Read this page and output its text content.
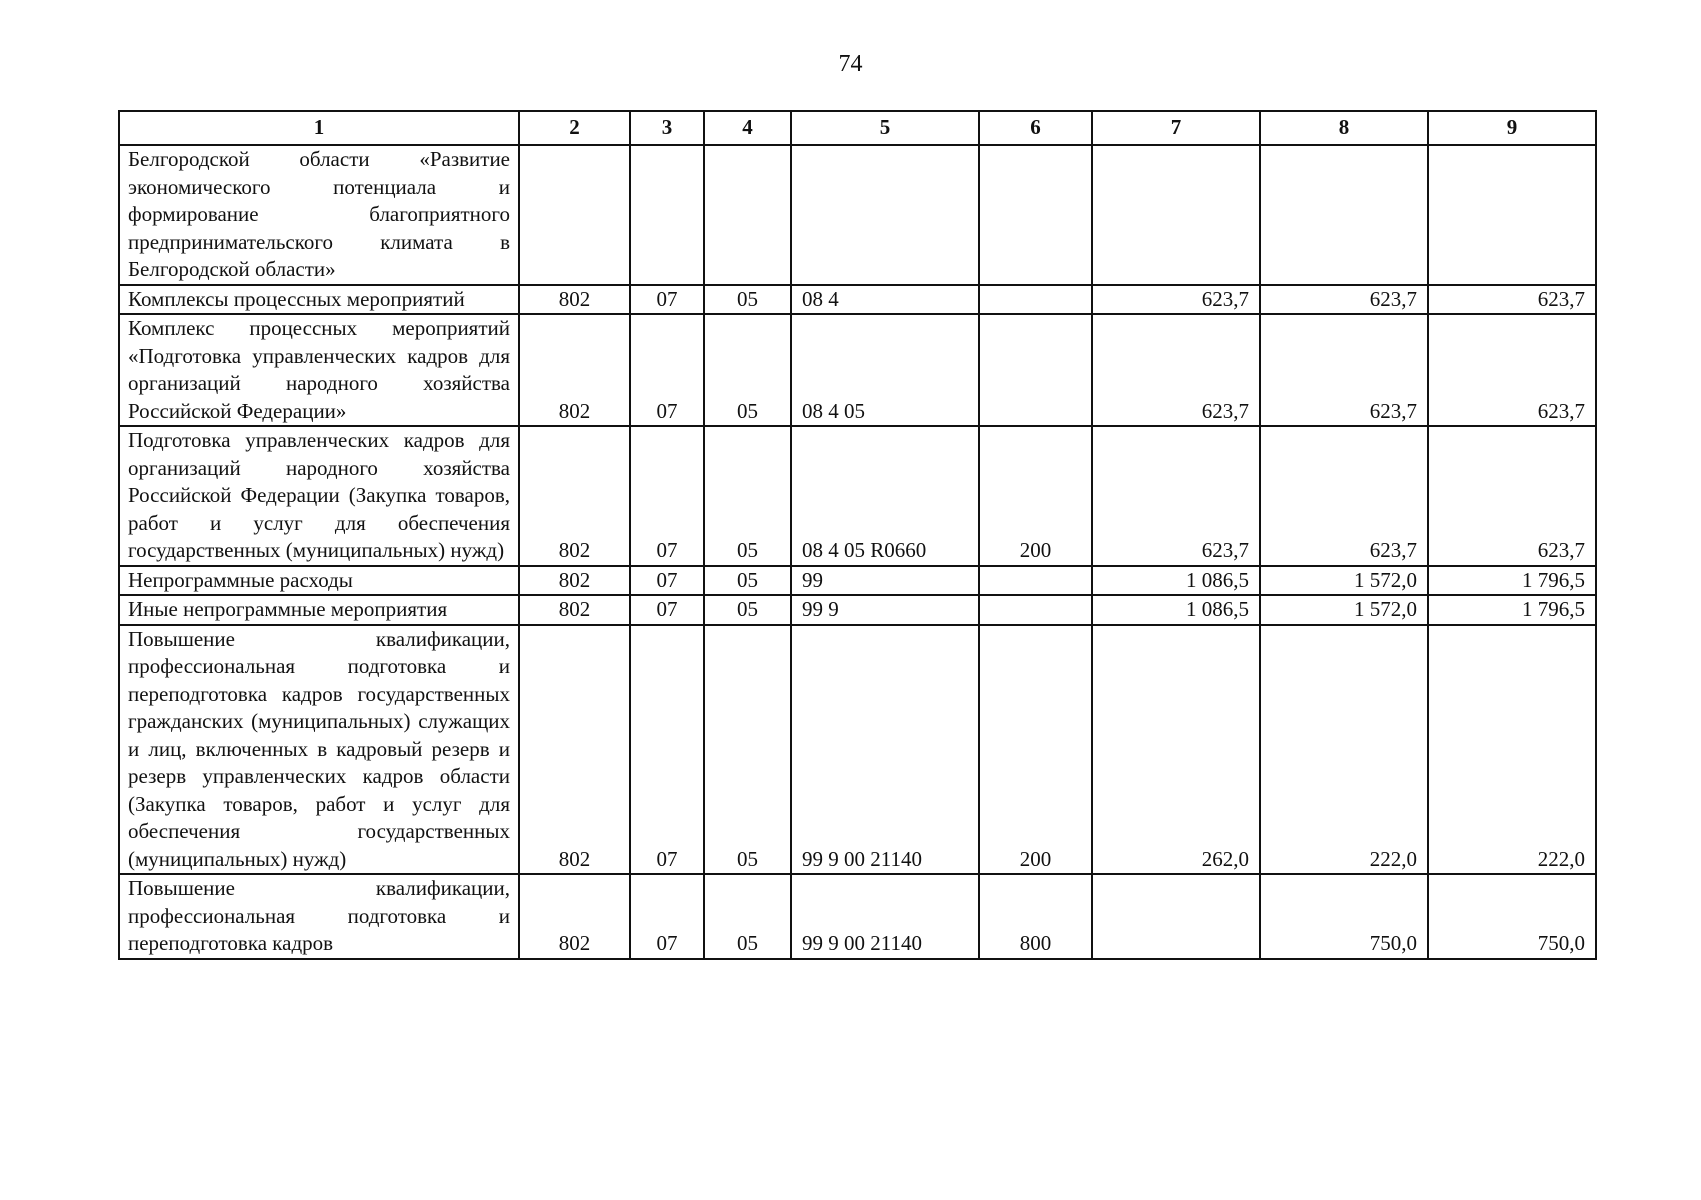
74
1	2	3	4	5	6	7	8	9
Белгородской области «Развитие экономического потенциала и формирование благоприятного предпринимательского климата в Белгородской области»								
Комплексы процессных мероприятий	802	07	05	08 4		623,7	623,7	623,7
Комплекс процессных мероприятий «Подготовка управленческих кадров для организаций народного хозяйства Российской Федерации»	802	07	05	08 4 05		623,7	623,7	623,7
Подготовка управленческих кадров для организаций народного хозяйства Российской Федерации (Закупка товаров, работ и услуг для обеспечения государственных (муниципальных) нужд)	802	07	05	08 4 05 R0660	200	623,7	623,7	623,7
Непрограммные расходы	802	07	05	99		1 086,5	1 572,0	1 796,5
Иные непрограммные мероприятия	802	07	05	99 9		1 086,5	1 572,0	1 796,5
Повышение квалификации, профессиональная подготовка и переподготовка кадров государственных гражданских (муниципальных) служащих и лиц, включенных в кадровый резерв и резерв управленческих кадров области (Закупка товаров, работ и услуг для обеспечения государственных (муниципальных) нужд)	802	07	05	99 9 00 21140	200	262,0	222,0	222,0
Повышение квалификации, профессиональная подготовка и переподготовка кадров	802	07	05	99 9 00 21140	800		750,0	750,0
